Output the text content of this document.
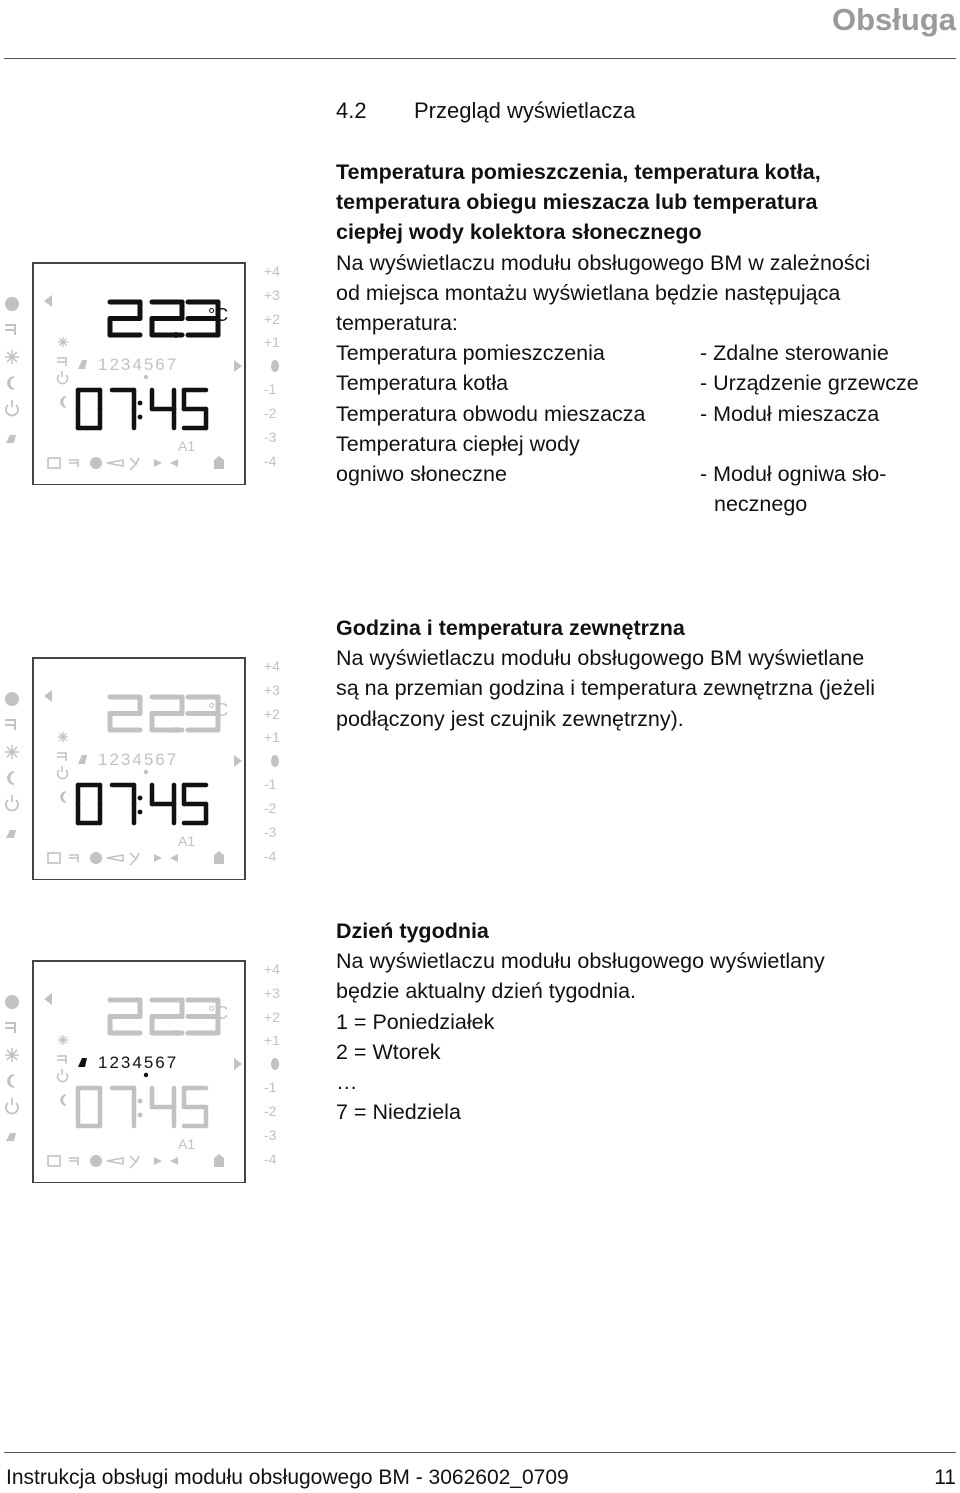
Obsługa
4.2 Przegląd wyświetlacza
Temperatura pomieszczenia, temperatura kotła,
temperatura obiegu mieszacza lub temperatura
ciepłej wody kolektora słonecznego
Na wyświetlaczu modułu obsługowego BM w zależności
od miejsca montażu wyświetlana będzie następująca
temperatura:
Temperatura pomieszczenia	- Zdalne sterowanie
Temperatura kotła	- Urządzenie grzewcze
Temperatura obwodu mieszacza	- Moduł mieszacza
Temperatura ciepłej wody
ogniwo słoneczne	- Moduł ogniwa sło-
necznego
Godzina i temperatura zewnętrzna
Na wyświetlaczu modułu obsługowego BM wyświetlane
są na przemian godzina i temperatura zewnętrzna (jeżeli
podłączony jest czujnik zewnętrzny).
Dzień tygodnia
Na wyświetlaczu modułu obsługowego wyświetlany
będzie aktualny dzień tygodnia.
1 = Poniedziałek
2 = Wtorek
…
7 = Niedziela
°C
1234567
A1
+4
+3
+2
+1
-1
-2
-3
-4
°C
1234567
A1
+4
+3
+2
+1
-1
-2
-3
-4
°C
1234567
A1
+4
+3
+2
+1
-1
-2
-3
-4
Instrukcja obsługi modułu obsługowego BM - 3062602_0709	11
